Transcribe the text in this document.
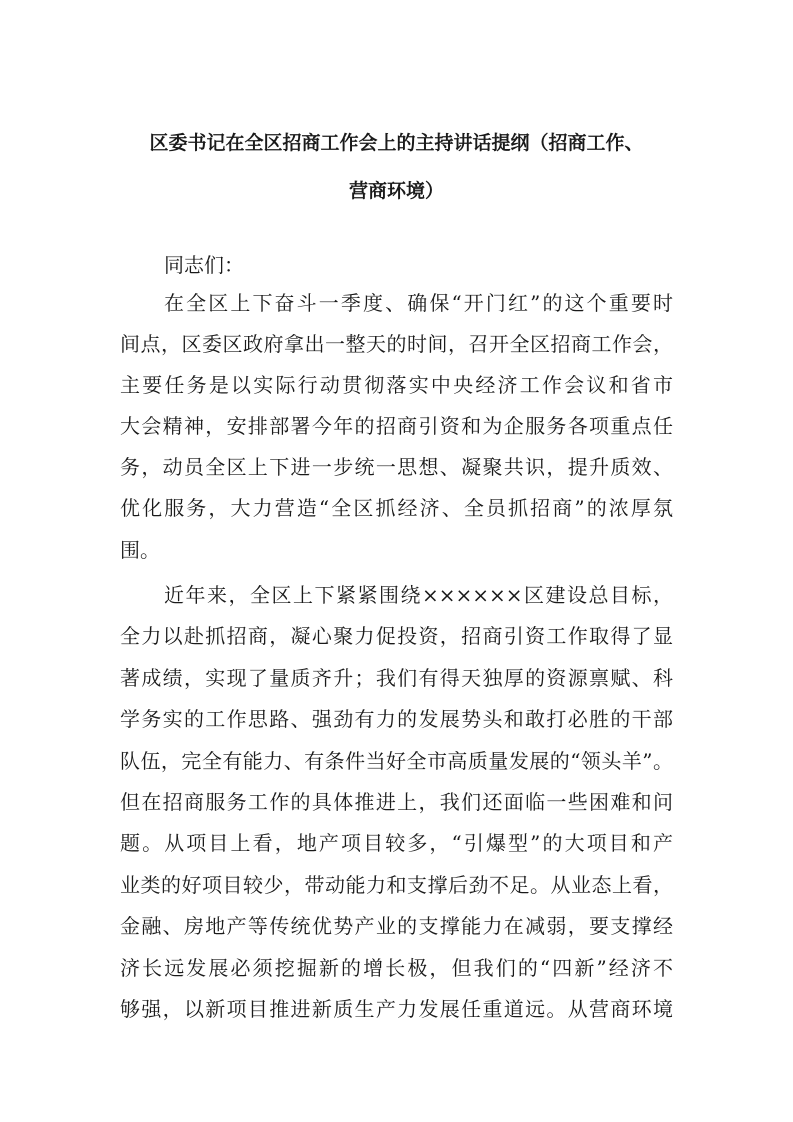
区委书记在全区招商工作会上的主持讲话提纲（招商工作、
营商环境）
同志们：
在全区上下奋斗一季度、确保“开门红”的这个重要时
间点，区委区政府拿出一整天的时间，召开全区招商工作会，
主要任务是以实际行动贯彻落实中央经济工作会议和省市
大会精神，安排部署今年的招商引资和为企服务各项重点任
务，动员全区上下进一步统一思想、凝聚共识，提升质效、
优化服务，大力营造“全区抓经济、全员抓招商”的浓厚氛
围。
近年来，全区上下紧紧围绕××××××区建设总目标，
全力以赴抓招商，凝心聚力促投资，招商引资工作取得了显
著成绩，实现了量质齐升；我们有得天独厚的资源禀赋、科
学务实的工作思路、强劲有力的发展势头和敢打必胜的干部
队伍，完全有能力、有条件当好全市高质量发展的“领头羊”。
但在招商服务工作的具体推进上，我们还面临一些困难和问
题。从项目上看，地产项目较多，“引爆型”的大项目和产
业类的好项目较少，带动能力和支撑后劲不足。从业态上看，
金融、房地产等传统优势产业的支撑能力在减弱，要支撑经
济长远发展必须挖掘新的增长极，但我们的“四新”经济不
够强，以新项目推进新质生产力发展任重道远。从营商环境
